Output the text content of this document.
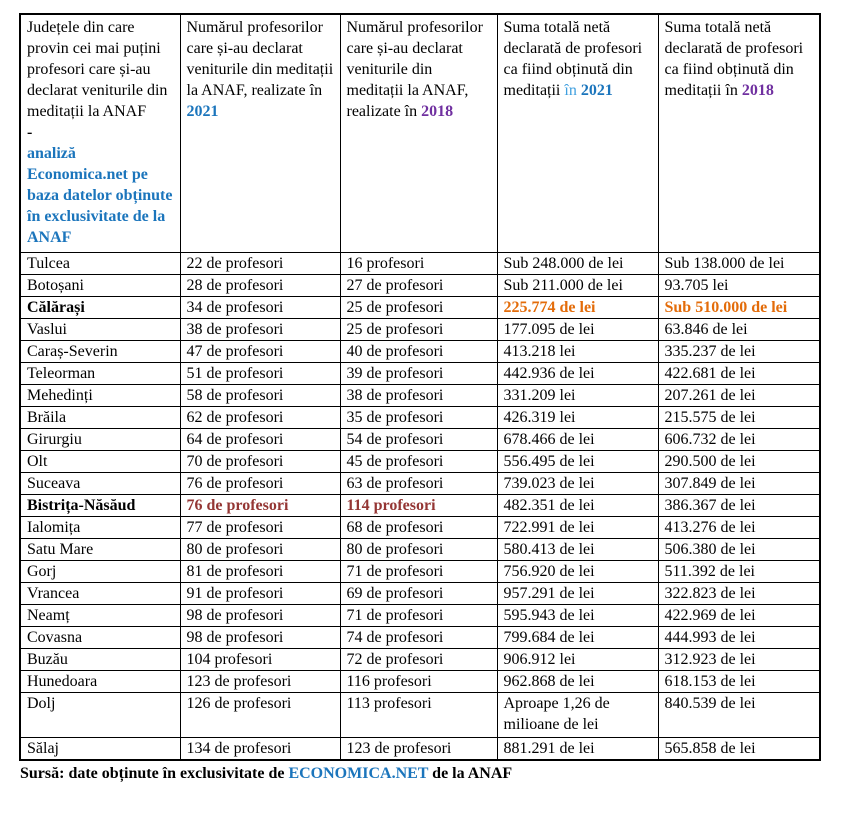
Județele din care provin cei mai puțini profesori care și-au declarat veniturile din meditații la ANAF
-
analiză Economica.net pe baza datelor obținute în exclusivitate de la ANAF	Numărul profesorilor care și-au declarat veniturile din meditații la ANAF, realizate în 2021	Numărul profesorilor care și-au declarat veniturile din meditații la ANAF, realizate în 2018	Suma totală netă declarată de profesori ca fiind obținută din meditații în 2021	Suma totală netă declarată de profesori ca fiind obținută din meditații în 2018
Tulcea	22 de profesori	16 profesori	Sub 248.000 de lei	Sub 138.000 de lei
Botoșani	28 de profesori	27 de profesori	Sub 211.000 de lei	93.705 lei
Călărași	34 de profesori	25 de profesori	225.774 de lei	Sub 510.000 de lei
Vaslui	38 de profesori	25 de profesori	177.095 de lei	63.846 de lei
Caraș-Severin	47 de profesori	40 de profesori	413.218 lei	335.237 de lei
Teleorman	51 de profesori	39 de profesori	442.936 de lei	422.681 de lei
Mehedinți	58 de profesori	38 de profesori	331.209 lei	207.261 de lei
Brăila	62 de profesori	35 de profesori	426.319 lei	215.575 de lei
Girurgiu	64 de profesori	54 de profesori	678.466 de lei	606.732 de lei
Olt	70 de profesori	45 de profesori	556.495 de lei	290.500 de lei
Suceava	76 de profesori	63 de profesori	739.023 de lei	307.849 de lei
Bistrița-Năsăud	76 de profesori	114 profesori	482.351 de lei	386.367 de lei
Ialomița	77 de profesori	68 de profesori	722.991 de lei	413.276 de lei
Satu Mare	80 de profesori	80 de profesori	580.413 de lei	506.380 de lei
Gorj	81 de profesori	71 de profesori	756.920 de lei	511.392 de lei
Vrancea	91 de profesori	69 de profesori	957.291 de lei	322.823 de lei
Neamț	98 de profesori	71 de profesori	595.943 de lei	422.969 de lei
Covasna	98 de profesori	74 de profesori	799.684 de lei	444.993 de lei
Buzău	104 profesori	72 de profesori	906.912 lei	312.923 de lei
Hunedoara	123 de profesori	116 profesori	962.868 de lei	618.153 de lei
Dolj	126 de profesori	113 profesori	Aproape 1,26 de milioane de lei	840.539 de lei
Sălaj	134 de profesori	123 de profesori	881.291 de lei	565.858 de lei
Sursă: date obținute în exclusivitate de ECONOMICA.NET de la ANAF
